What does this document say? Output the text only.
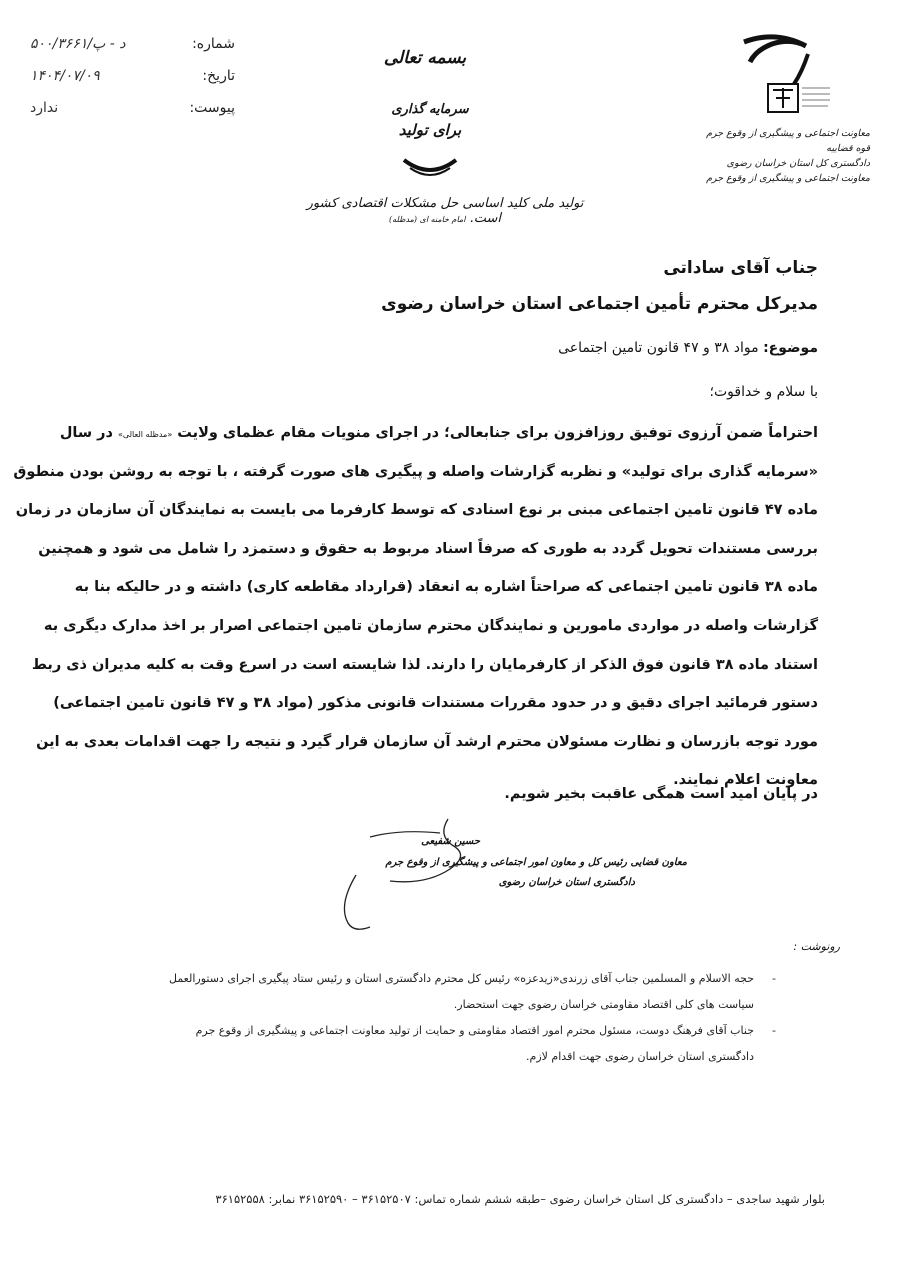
شماره:
۵۰۰/۳۶۶۱/د - پ
تاریخ:
۱۴۰۴/۰۷/۰۹
پیوست:
ندارد
بسمه تعالی
سرمایه گذاری
برای تولید
تولید ملی کلید اساسی حل مشکلات اقتصادی کشور است. امام خامنه ای (مدظله)
معاونت اجتماعی و پیشگیری از وقوع جرم قوه قضاییه
دادگستری کل استان خراسان رضوی
معاونت اجتماعی و پیشگیری از وقوع جرم
جناب آقای ساداتی
مدیرکل محترم تأمین اجتماعی استان خراسان رضوی
موضوع: مواد ۳۸ و ۴۷ قانون تامین اجتماعی
با سلام و خداقوت؛
احتراماً ضمن آرزوی توفیق روزافزون برای جنابعالی؛ در اجرای منویات مقام عظمای ولایت «مدظله العالی» در سال
«سرمایه گذاری برای تولید» و نظربه گزارشات واصله و پیگیری های صورت گرفته ، با توجه به روشن بودن منطوق
ماده ۴۷ قانون تامین اجتماعی مبنی بر نوع اسنادی که توسط کارفرما می بایست به نمایندگان آن سازمان در زمان
بررسی مستندات تحویل گردد به طوری که صرفاً اسناد مربوط به حقوق و دستمزد را شامل می شود و همچنین
ماده ۳۸ قانون تامین اجتماعی که صراحتاً اشاره به انعقاد (قرارداد مقاطعه کاری) داشته و در حالیکه بنا به
گزارشات واصله در مواردی مامورین و نمایندگان محترم سازمان تامین اجتماعی اصرار بر اخذ مدارک دیگری به
استناد ماده ۳۸ قانون فوق الذکر از کارفرمایان را دارند. لذا شایسته است در اسرع وقت به کلیه مدیران ذی ربط
دستور فرمائید اجرای دقیق و در حدود مقررات مستندات قانونی مذکور (مواد ۳۸ و ۴۷ قانون تامین اجتماعی)
مورد توجه بازرسان و نظارت مسئولان محترم ارشد آن سازمان قرار گیرد و نتیجه را جهت اقدامات بعدی به این
معاونت اعلام نمایند.
در پایان امید است همگی عاقبت بخیر شویم.
حسین شفیعی
معاون قضایی رئیس کل و معاون امور اجتماعی و پیشگیری از وقوع جرم
دادگستری استان خراسان رضوی
رونوشت :
-
حجه الاسلام و المسلمین جناب آقای زرندی«زیدعزه» رئیس کل محترم دادگستری استان و رئیس ستاد پیگیری اجرای دستورالعمل
سیاست های کلی اقتصاد مقاومتی خراسان رضوی جهت استحضار.
-
جناب آقای فرهنگ دوست، مسئول محترم امور اقتصاد مقاومتی و حمایت از تولید معاونت اجتماعی و پیشگیری از وقوع جرم
دادگستری استان خراسان رضوی جهت اقدام لازم.
بلوار شهید ساجدی – دادگستری کل استان خراسان رضوی –طبقه ششم شماره تماس: ۳۶۱۵۲۵۰۷ – ۳۶۱۵۲۵۹۰ نمابر: ۳۶۱۵۲۵۵۸
